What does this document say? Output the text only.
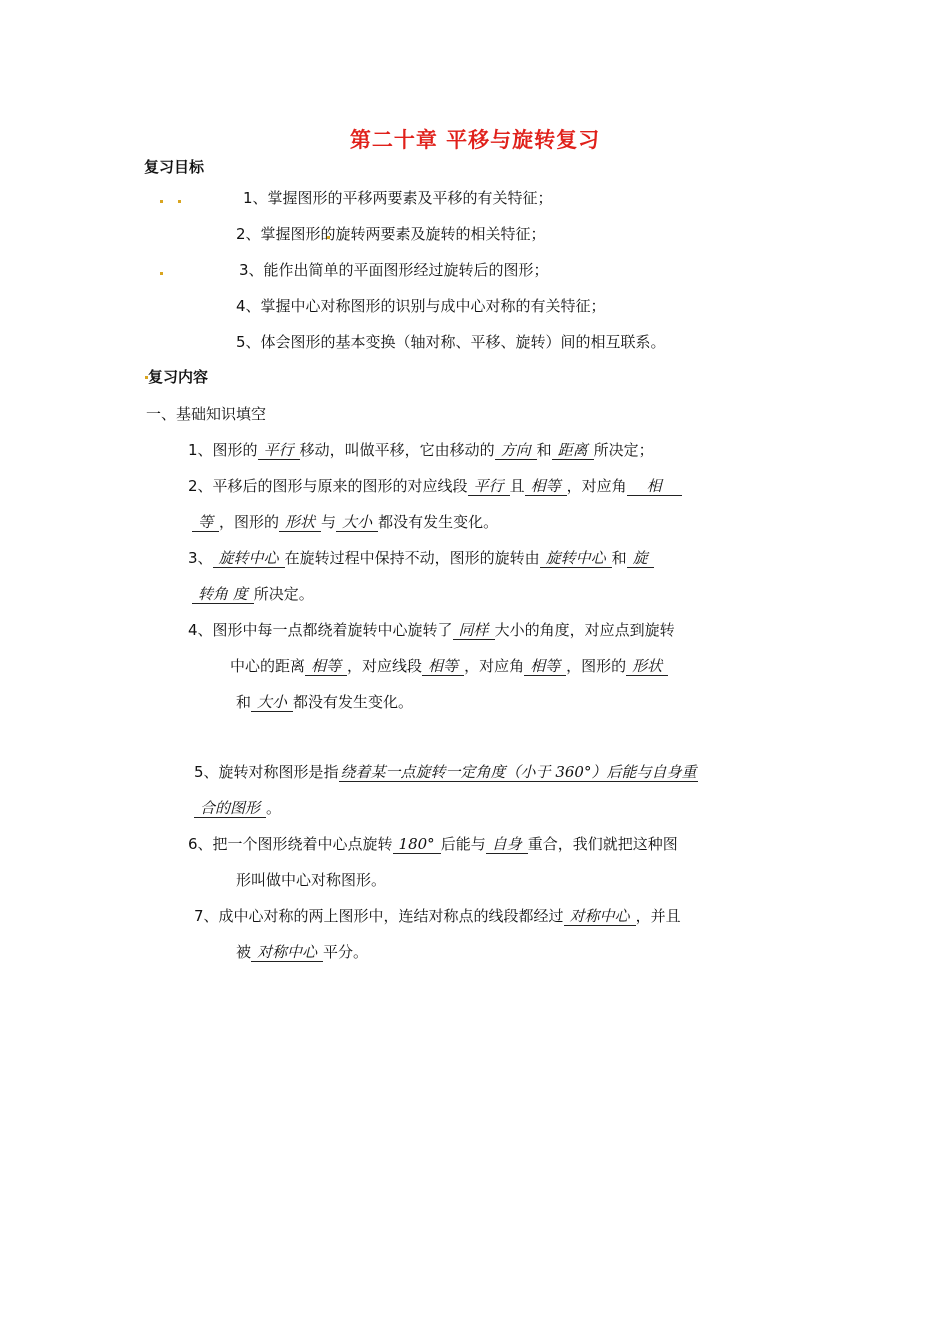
第二十章 平移与旋转复习
复习目标
1、掌握图形的平移两要素及平移的有关特征；
2、掌握图形的旋转两要素及旋转的相关特征；
3、能作出简单的平面图形经过旋转后的图形；
4、掌握中心对称图形的识别与成中心对称的有关特征；
5、体会图形的基本变换（轴对称、平移、旋转）间的相互联系。
复习内容
一、基础知识填空
1、图形的 平行 移动，叫做平移，它由移动的 方向 和 距离 所决定；
2、平移后的图形与原来的图形的对应线段 平行 且 相等 ，对应角 相
等 ，图形的 形状 与 大小 都没有发生变化。
3、 旋转中心 在旋转过程中保持不动，图形的旋转由 旋转中心 和 旋
转角 度 所决定。
4、图形中每一点都绕着旋转中心旋转了 同样 大小的角度，对应点到旋转
中心的距离 相等 ，对应线段 相等 ，对应角 相等 ，图形的 形状
和 大小 都没有发生变化。
5、旋转对称图形是指 绕着某一点旋转一定角度（小于 360°）后能与自身重
合的图形 。
6、把一个图形绕着中心点旋转 180° 后能与 自身 重合，我们就把这种图
形叫做中心对称图形。
7、成中心对称的两上图形中，连结对称点的线段都经过 对称中心 ，并且
被 对称中心 平分。
